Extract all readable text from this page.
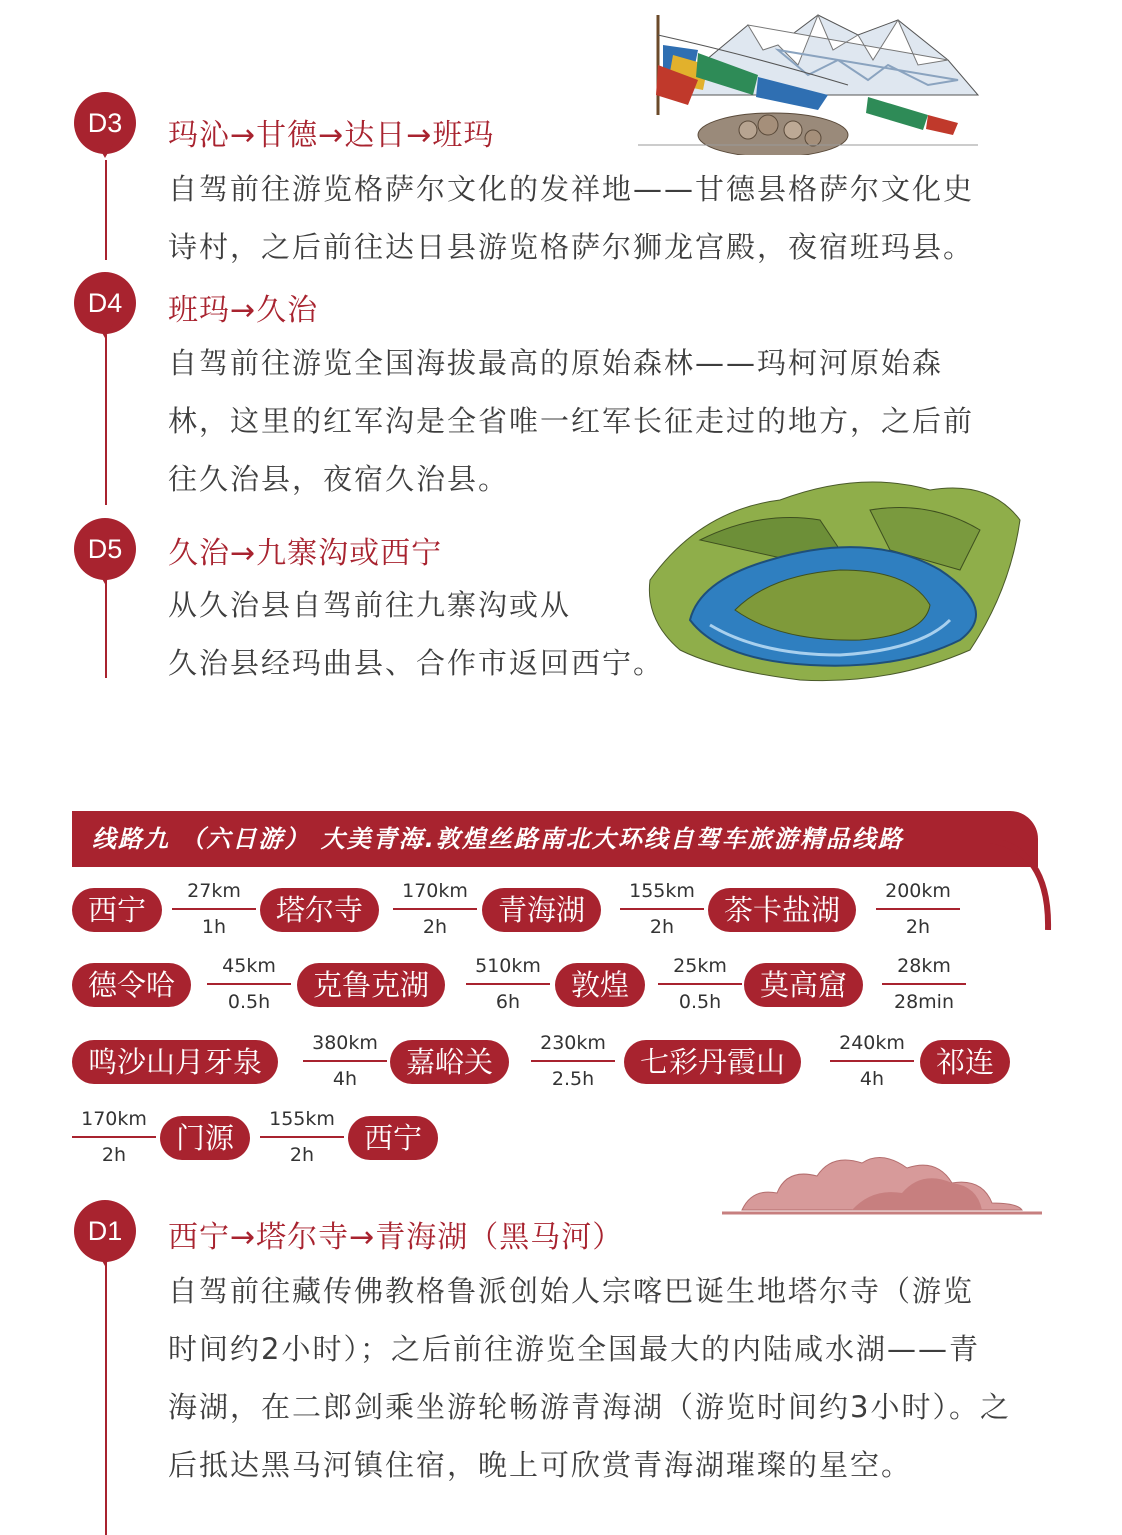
D3	玛沁→甘德→达日→班玛

自驾前往游览格萨尔文化的发祥地——甘德县格萨尔文化史

诗村，之后前往达日县游览格萨尔狮龙宫殿，夜宿班玛县。

D4	班玛→久治

自驾前往游览全国海拔最高的原始森林——玛柯河原始森

林，这里的红军沟是全省唯一红军长征走过的地方，之后前

往久治县，夜宿久治县。

D5	久治→九寨沟或西宁

从久治县自驾前往九寨沟或从

久治县经玛曲县、合作市返回西宁。

线路九 （六日游） 大美青海.敦煌丝路南北大环线自驾车旅游精品线路
西宁
27km
1h	塔尔寺
170km
2h	青海湖
155km
2h	茶卡盐湖
200km
2h
德令哈
45km
0.5h	克鲁克湖
510km
6h	敦煌
25km
0.5h	莫高窟
28km
28min
鸣沙山月牙泉
380km
4h	嘉峪关
230km
2.5h	七彩丹霞山
240km
4h	祁连
170km
2h	门源
155km
2h	西宁
D1	西宁→塔尔寺→青海湖（黑马河）

自驾前往藏传佛教格鲁派创始人宗喀巴诞生地塔尔寺（游览

时间约2小时）；之后前往游览全国最大的内陆咸水湖——青

海湖，在二郎剑乘坐游轮畅游青海湖（游览时间约3小时）。之

后抵达黑马河镇住宿，晚上可欣赏青海湖璀璨的星空。
